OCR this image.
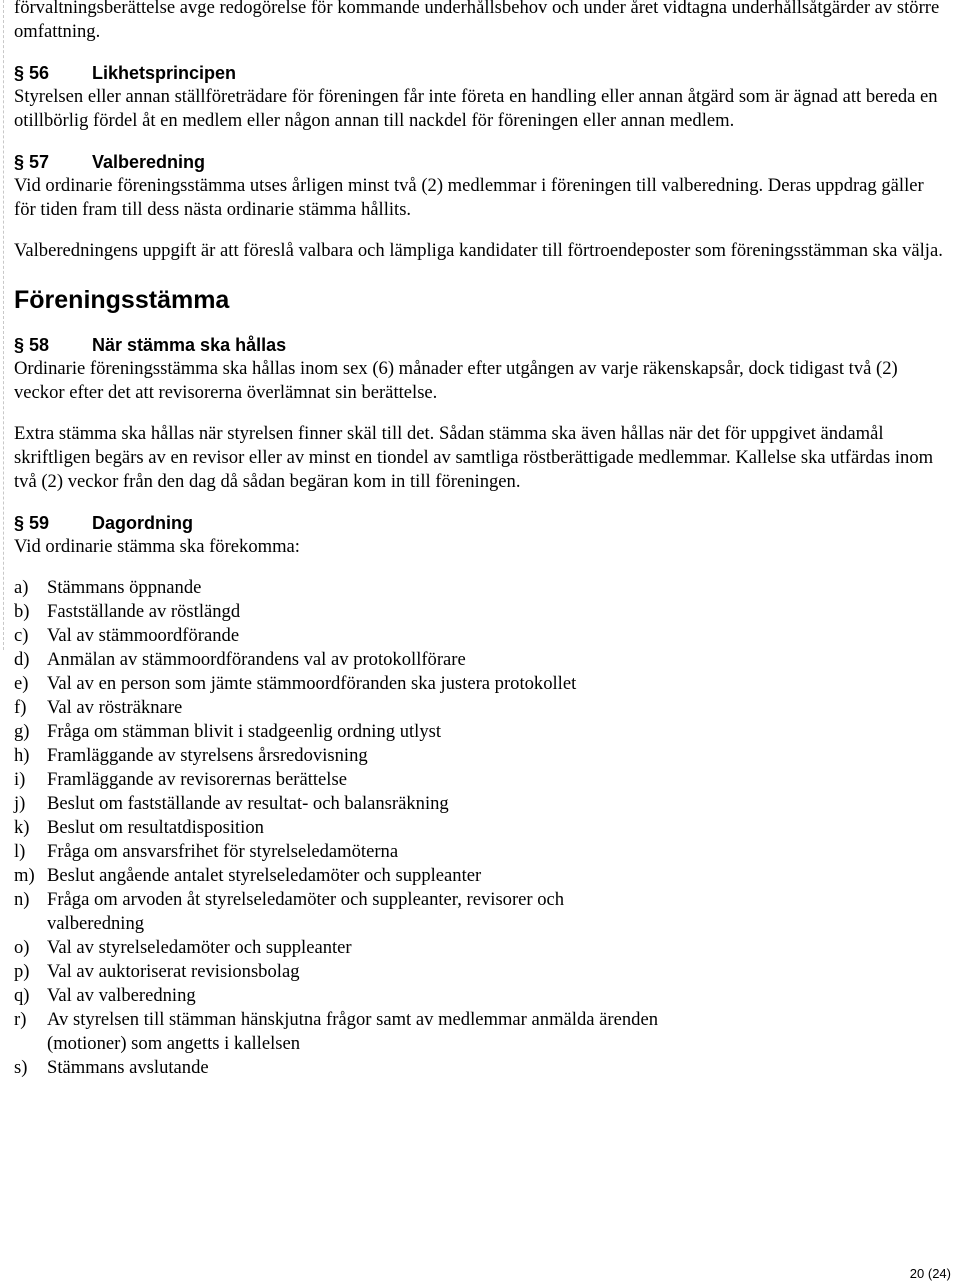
förvaltningsberättelse avge redogörelse för kommande underhållsbehov och under året vidtagna underhållsåtgärder av större omfattning.

§ 56	Likhetsprincipen

Styrelsen eller annan ställföreträdare för föreningen får inte företa en handling eller annan åtgärd som är ägnad att bereda en otillbörlig fördel åt en medlem eller någon annan till nackdel för föreningen eller annan medlem.

§ 57	Valberedning

Vid ordinarie föreningsstämma utses årligen minst två (2) medlemmar i föreningen till valberedning. Deras uppdrag gäller för tiden fram till dess nästa ordinarie stämma hållits.

Valberedningens uppgift är att föreslå valbara och lämpliga kandidater till förtroendeposter som föreningsstämman ska välja.

Föreningsstämma
§ 58	När stämma ska hållas

Ordinarie föreningsstämma ska hållas inom sex (6) månader efter utgången av varje räkenskapsår, dock tidigast två (2) veckor efter det att revisorerna överlämnat sin berättelse.

Extra stämma ska hållas när styrelsen finner skäl till det. Sådan stämma ska även hållas när det för uppgivet ändamål skriftligen begärs av en revisor eller av minst en tiondel av samtliga röstberättigade medlemmar. Kallelse ska utfärdas inom två (2) veckor från den dag då sådan begäran kom in till föreningen.

§ 59	Dagordning

Vid ordinarie stämma ska förekomma:

a) Stämmans öppnande
b) Fastställande av röstlängd
c) Val av stämmoordförande
d) Anmälan av stämmoordförandens val av protokollförare
e) Val av en person som jämte stämmoordföranden ska justera protokollet
f)	Val av rösträknare
g) Fråga om stämman blivit i stadgeenlig ordning utlyst
h) Framläggande av styrelsens årsredovisning
i)	Framläggande av revisorernas berättelse
j)	Beslut om fastställande av resultat- och balansräkning
k) Beslut om resultatdisposition
l)	Fråga om ansvarsfrihet för styrelseledamöterna
m) Beslut angående antalet styrelseledamöter och suppleanter
n) Fråga om arvoden åt styrelseledamöter och suppleanter, revisorer och valberedning
o) Val av styrelseledamöter och suppleanter
p) Val av auktoriserat revisionsbolag
q) Val av valberedning
r)	Av styrelsen till stämman hänskjutna frågor samt av medlemmar anmälda ärenden (motioner) som angetts i kallelsen
s)	Stämmans avslutande
20 (24)
